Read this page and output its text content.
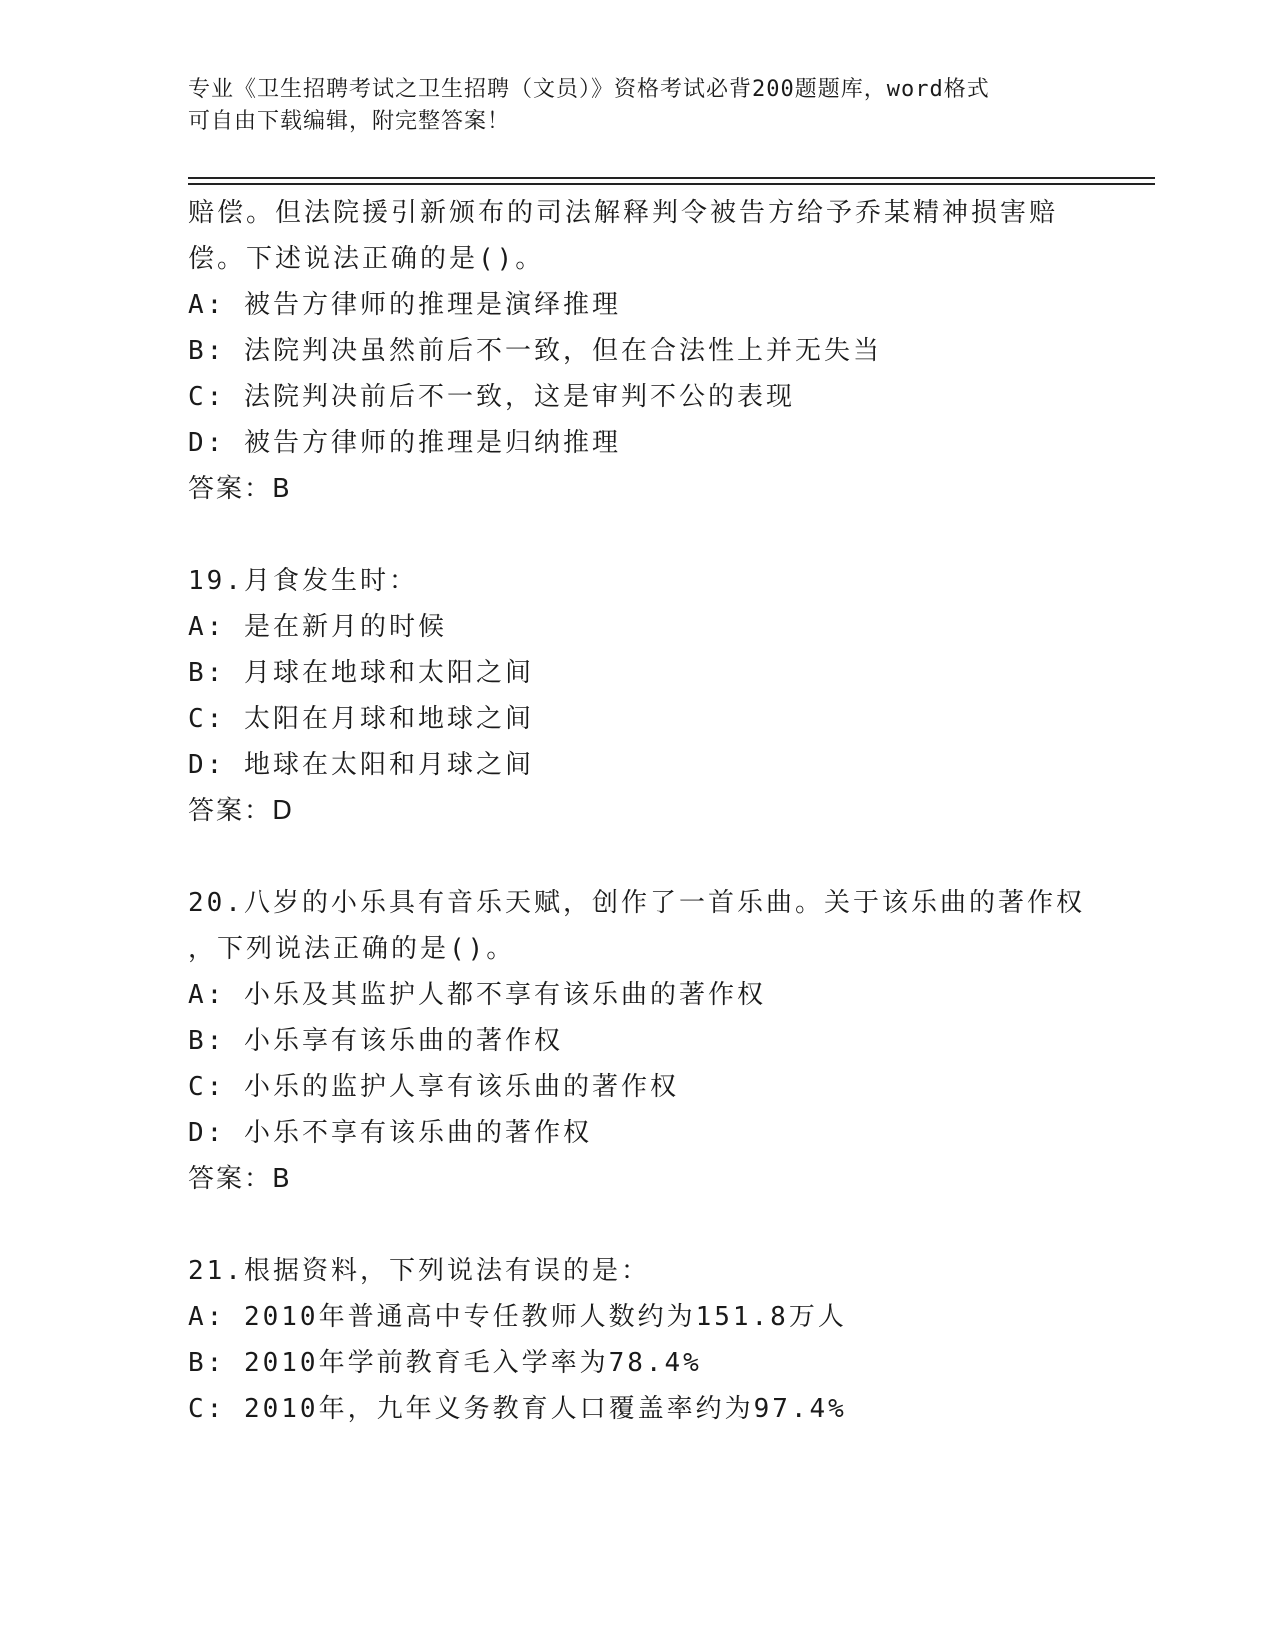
专业《卫生招聘考试之卫生招聘（文员）》资格考试必背200题题库，word格式
可自由下载编辑，附完整答案！
赔偿。但法院援引新颁布的司法解释判令被告方给予乔某精神损害赔
偿。下述说法正确的是()。
A: 被告方律师的推理是演绎推理
B: 法院判决虽然前后不一致，但在合法性上并无失当
C: 法院判决前后不一致，这是审判不公的表现
D: 被告方律师的推理是归纳推理
答案：B
19.月食发生时：
A: 是在新月的时候
B: 月球在地球和太阳之间
C: 太阳在月球和地球之间
D: 地球在太阳和月球之间
答案：D
20.八岁的小乐具有音乐天赋，创作了一首乐曲。关于该乐曲的著作权
，下列说法正确的是()。
A: 小乐及其监护人都不享有该乐曲的著作权
B: 小乐享有该乐曲的著作权
C: 小乐的监护人享有该乐曲的著作权
D: 小乐不享有该乐曲的著作权
答案：B
21.根据资料，下列说法有误的是：
A: 2010年普通高中专任教师人数约为151.8万人
B: 2010年学前教育毛入学率为78.4%
C: 2010年，九年义务教育人口覆盖率约为97.4%
